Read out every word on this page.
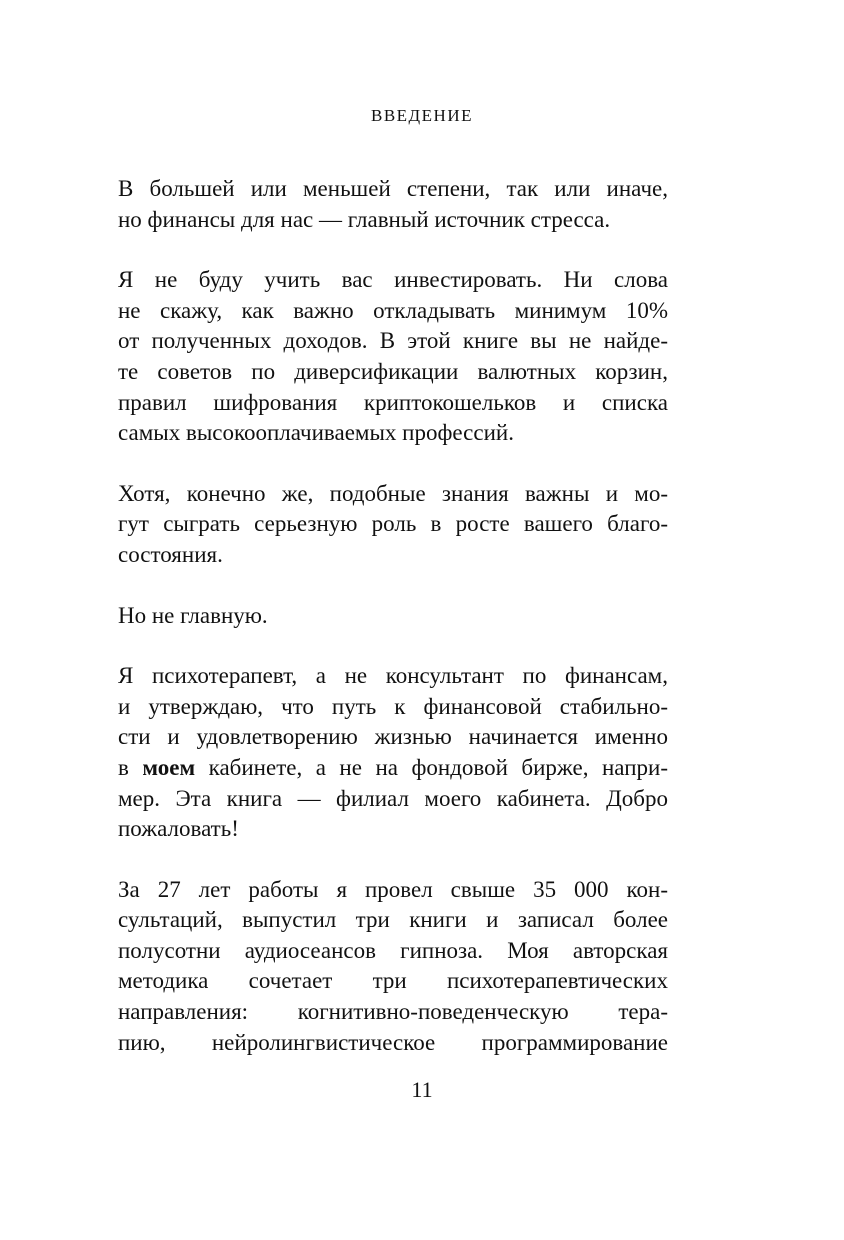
ВВЕДЕНИЕ
В большей или меньшей степени, так или иначе,
но финансы для нас — главный источник стресса.
Я не буду учить вас инвестировать. Ни слова
не скажу, как важно откладывать минимум 10%
от полученных доходов. В этой книге вы не найде-
те советов по диверсификации валютных корзин,
правил шифрования криптокошельков и списка
самых высокооплачиваемых профессий.
Хотя, конечно же, подобные знания важны и мо-
гут сыграть серьезную роль в росте вашего благо-
состояния.
Но не главную.
Я психотерапевт, а не консультант по финансам,
и утверждаю, что путь к финансовой стабильно-
сти и удовлетворению жизнью начинается именно
в моем кабинете, а не на фондовой бирже, напри-
мер. Эта книга — филиал моего кабинета. Добро
пожаловать!
За 27 лет работы я провел свыше 35 000 кон-
сультаций, выпустил три книги и записал более
полусотни аудиосеансов гипноза. Моя авторская
методика сочетает три психотерапевтических
направления: когнитивно-поведенческую тера-
пию, нейролингвистическое программирование
11
